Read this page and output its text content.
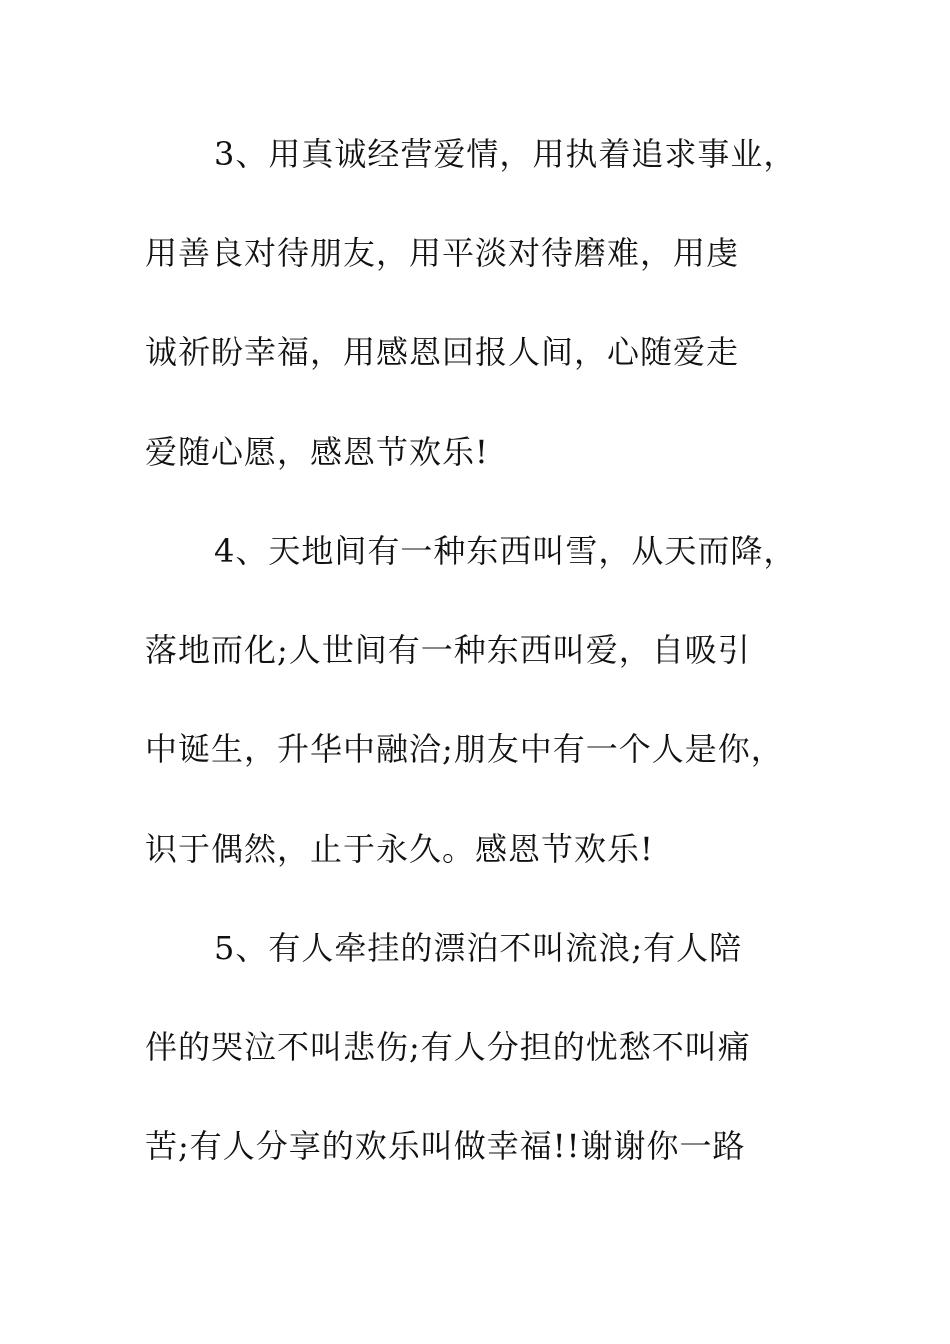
3、用真诚经营爱情，用执着追求事业，
用善良对待朋友，用平淡对待磨难，用虔
诚祈盼幸福，用感恩回报人间，心随爱走
爱随心愿，感恩节欢乐!
4、天地间有一种东西叫雪，从天而降，
落地而化;人世间有一种东西叫爱，自吸引
中诞生，升华中融洽;朋友中有一个人是你，
识于偶然，止于永久。感恩节欢乐!
5、有人牵挂的漂泊不叫流浪;有人陪
伴的哭泣不叫悲伤;有人分担的忧愁不叫痛
苦;有人分享的欢乐叫做幸福!!谢谢你一路
